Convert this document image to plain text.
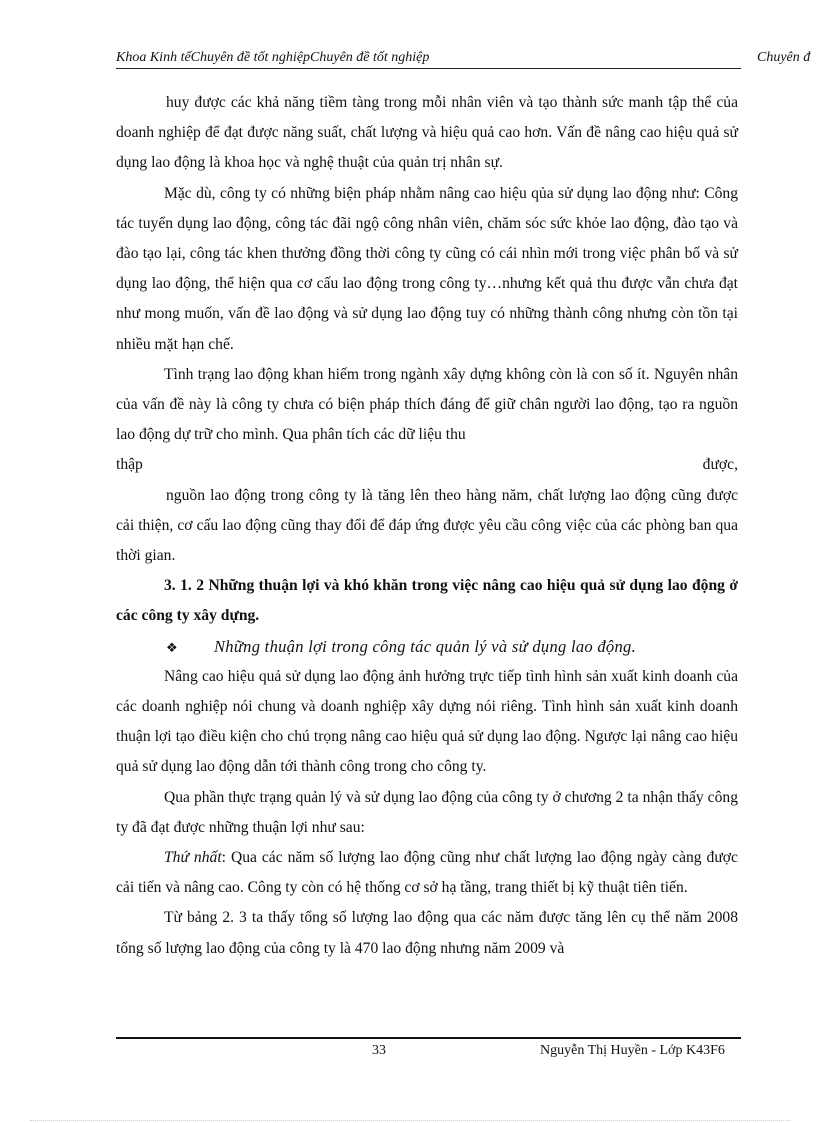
Khoa Kinh tếChuyên đề tốt nghiệpChuyên đề tốt nghiệp	Chuyên đ

huy được các khả năng tiềm tàng trong mỗi nhân viên và tạo thành sức manh tập thể của doanh nghiệp để đạt được năng suất, chất lượng và hiệu quả cao hơn. Vấn đề nâng cao hiệu quả sử dụng lao động là khoa học và nghệ thuật của quản trị nhân sự.

Mặc dù, công ty có những biện pháp nhằm nâng cao hiệu qủa sử dụng lao động như: Công tác tuyển dụng lao động, công tác đãi ngộ công nhân viên, chăm sóc sức khỏe lao động, đào tạo và đào tạo lại, công tác khen thưởng đồng thời công ty cũng có cái nhìn mới trong việc phân bố và sử dụng lao động, thể hiện qua cơ cấu lao động trong công ty…nhưng kết quả thu được vẫn chưa đạt như mong muốn, vấn đề lao động và sử dụng lao động tuy có những thành công nhưng còn tồn tại nhiều mặt hạn chế.

Tình trạng lao động khan hiếm trong ngành xây dựng không còn là con số ít. Nguyên nhân của vấn đề này là công ty chưa có biện pháp thích đáng để giữ chân người lao động, tạo ra nguồn lao động dự trữ cho mình. Qua phân tích các dữ liệu thu

thập	được,

nguồn lao động trong công ty là tăng lên theo hàng năm, chất lượng lao động cũng được cải thiện, cơ cấu lao động cũng thay đổi để đáp ứng được yêu cầu công việc của các phòng ban qua thời gian.

3. 1. 2 Những thuận lợi và khó khăn trong việc nâng cao hiệu quả sử dụng lao động ở các công ty xây dựng.

❖	Những thuận lợi trong công tác quản lý và sử dụng lao động.

Nâng cao hiệu quả sử dụng lao động ảnh hưởng trực tiếp tình hình sản xuất kinh doanh của các doanh nghiệp nói chung và doanh nghiệp xây dựng nói riêng. Tình hình sản xuất kinh doanh thuận lợi tạo điều kiện cho chú trọng nâng cao hiệu quả sử dụng lao động. Ngược lại nâng cao hiệu quả sử dụng lao động dẫn tới thành công trong cho công ty.

Qua phần thực trạng quản lý và sử dụng lao động của công ty ở chương 2 ta nhận thấy công ty đã đạt được những thuận lợi như sau:

Thứ nhất: Qua các năm số lượng lao động cũng như chất lượng lao động ngày càng được cải tiến và nâng cao. Công ty còn có hệ thống cơ sở hạ tầng, trang thiết bị kỹ thuật tiên tiến.

Từ bảng 2. 3 ta thấy tổng số lượng lao động qua các năm được tăng lên cụ thể năm 2008 tổng số lượng lao động của công ty là 470 lao động nhưng năm 2009 và

33	Nguyễn Thị Huyền - Lớp K43F6
